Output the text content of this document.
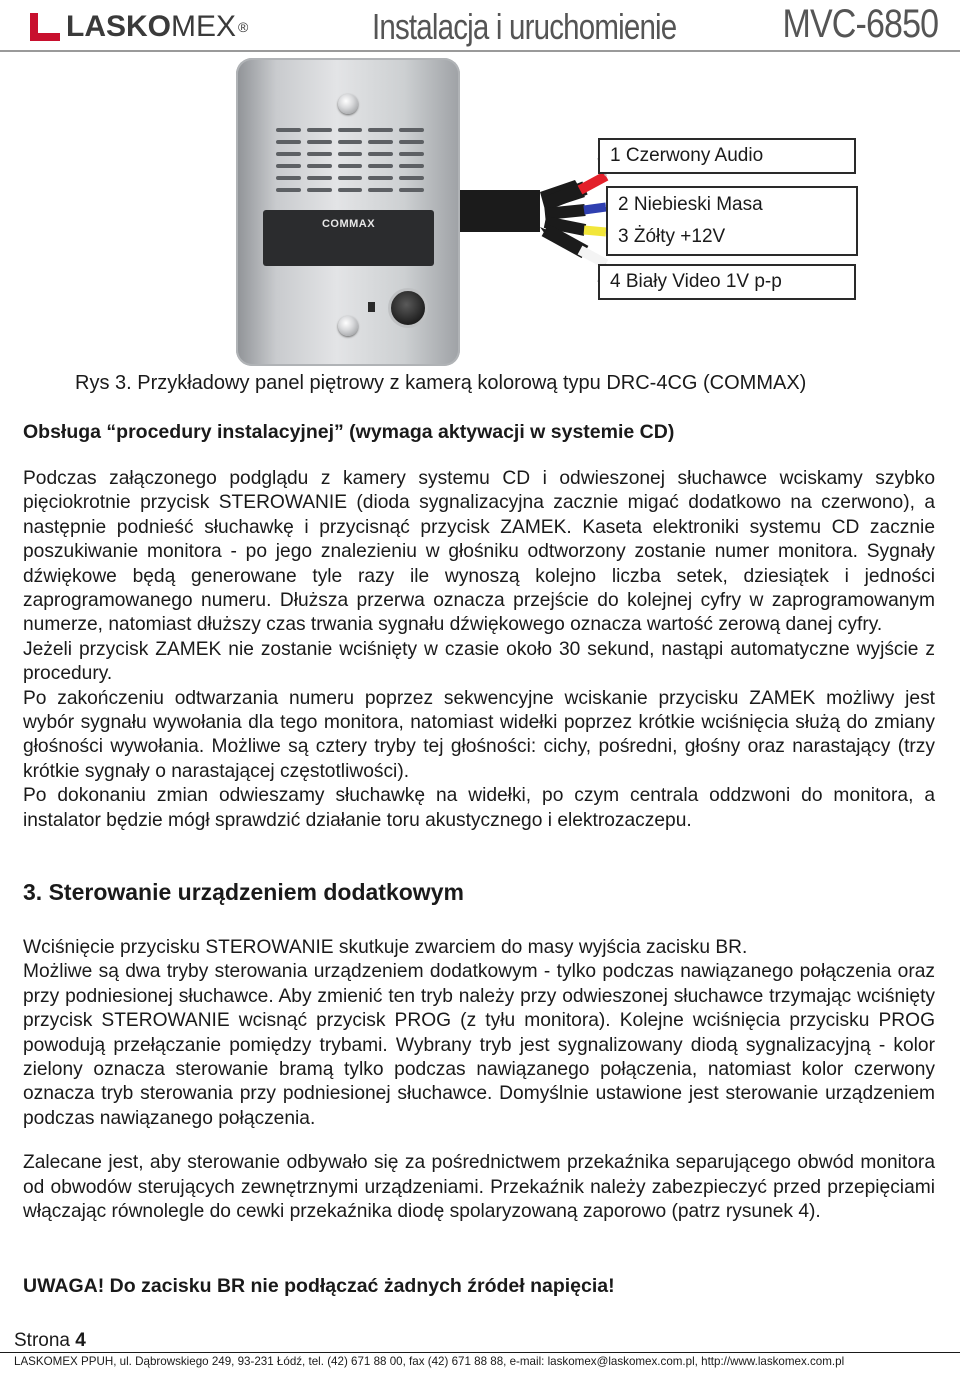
LASKOMEX ®	Instalacja i uruchomienie	MVC-6850
COMMAX
1 Czerwony Audio
2 Niebieski Masa
3 Żółty +12V
4 Biały Video 1V p-p
Rys 3. Przykładowy panel piętrowy z kamerą kolorową typu DRC-4CG (COMMAX)
Obsługa “procedury instalacyjnej” (wymaga aktywacji w systemie CD)

Podczas załączonego podglądu z kamery systemu CD i odwieszonej słuchawce wciskamy szybko pięciokrotnie przycisk STEROWANIE (dioda sygnalizacyjna zacznie migać dodatkowo na czerwono), a następnie podnieść słuchawkę i przycisnąć przycisk ZAMEK. Kaseta elektroniki systemu CD zacznie poszukiwanie monitora - po jego znalezieniu w głośniku odtworzony zostanie numer monitora. Sygnały dźwiękowe będą generowane tyle razy ile wynoszą kolejno liczba setek, dziesiątek i jedności zaprogramowanego numeru. Dłuższa przerwa oznacza przejście do kolejnej cyfry w zaprogramowanym numerze, natomiast dłuższy czas trwania sygnału dźwiękowego oznacza wartość zerową danej cyfry.

Jeżeli przycisk ZAMEK nie zostanie wciśnięty w czasie około 30 sekund, nastąpi automatyczne wyjście z procedury.

Po zakończeniu odtwarzania numeru poprzez sekwencyjne wciskanie przycisku ZAMEK możliwy jest wybór sygnału wywołania dla tego monitora, natomiast widełki poprzez krótkie wciśnięcia służą do zmiany głośności wywołania. Możliwe są cztery tryby tej głośności: cichy, pośredni, głośny oraz narastający (trzy krótkie sygnały o narastającej częstotliwości).

Po dokonaniu zmian odwieszamy słuchawkę na widełki, po czym centrala oddzwoni do monitora, a instalator będzie mógł sprawdzić działanie toru akustycznego i elektrozaczepu.

3. Sterowanie urządzeniem dodatkowym

Wciśnięcie przycisku STEROWANIE skutkuje zwarciem do masy wyjścia zacisku BR.

Możliwe są dwa tryby sterowania urządzeniem dodatkowym - tylko podczas nawiązanego połączenia oraz przy podniesionej słuchawce. Aby zmienić ten tryb należy przy odwieszonej słuchawce trzymając wciśnięty przycisk STEROWANIE wcisnąć przycisk PROG (z tyłu monitora). Kolejne wciśnięcia przycisku PROG powodują przełączanie pomiędzy trybami. Wybrany tryb jest sygnalizowany diodą sygnalizacyjną - kolor zielony oznacza sterowanie bramą tylko podczas nawiązanego połączenia, natomiast kolor czerwony oznacza tryb sterowania przy podniesionej słuchawce. Domyślnie ustawione jest sterowanie urządzeniem podczas nawiązanego połączenia.

Zalecane jest, aby sterowanie odbywało się za pośrednictwem przekaźnika separującego obwód monitora od obwodów sterujących zewnętrznymi urządzeniami. Przekaźnik należy zabezpieczyć przed przepięciami włączając równolegle do cewki przekaźnika diodę spolaryzowaną zaporowo (patrz rysunek 4).

UWAGA! Do zacisku BR nie podłączać żadnych źródeł napięcia!
Strona 4
LASKOMEX PPUH, ul. Dąbrowskiego 249, 93-231 Łódź, tel. (42) 671 88 00, fax (42) 671 88 88, e-mail: laskomex@laskomex.com.pl, http://www.laskomex.com.pl
